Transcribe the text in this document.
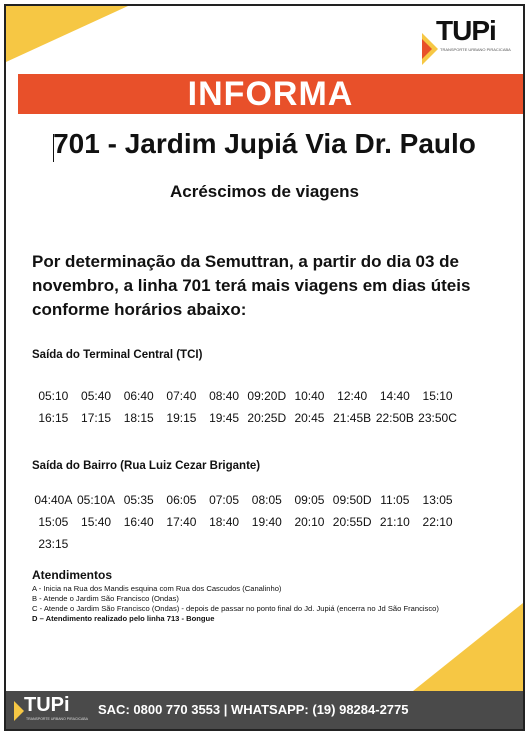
TUPi
TRANSPORTE URBANO PIRACICABA
INFORMA
701 - Jardim Jupiá Via Dr. Paulo
Acréscimos de viagens
Por determinação da Semuttran, a partir do dia 03 de novembro, a linha 701 terá mais viagens em dias úteis conforme horários abaixo:
Saída do Terminal Central (TCI)
05:10	05:40	06:40	07:40	08:40 09:20D 10:40	12:40	14:40	15:10
16:15	17:15	18:15	19:15	19:45 20:25D 20:45 21:45B 22:50B 23:50C
Saída do Bairro (Rua Luiz Cezar Brigante)
04:40A 05:10A 05:35	06:05	07:05	08:05	09:05 09:50D 11:05	13:05
15:05	15:40	16:40	17:40	18:40	19:40	20:10 20:55D 21:10	22:10
23:15
Atendimentos
A - Inicia na Rua dos Mandis esquina com Rua dos Cascudos (Canalinho)
B - Atende o Jardim São Francisco (Ondas)
C - Atende o Jardim São Francisco (Ondas) - depois de passar no ponto final do Jd. Jupiá (encerra no Jd São Francisco)
D – Atendimento realizado pelo linha 713 - Bongue
TUPi
TRANSPORTE URBANO PIRACICABA
SAC: 0800 770 3553 | WHATSAPP: (19) 98284-2775
